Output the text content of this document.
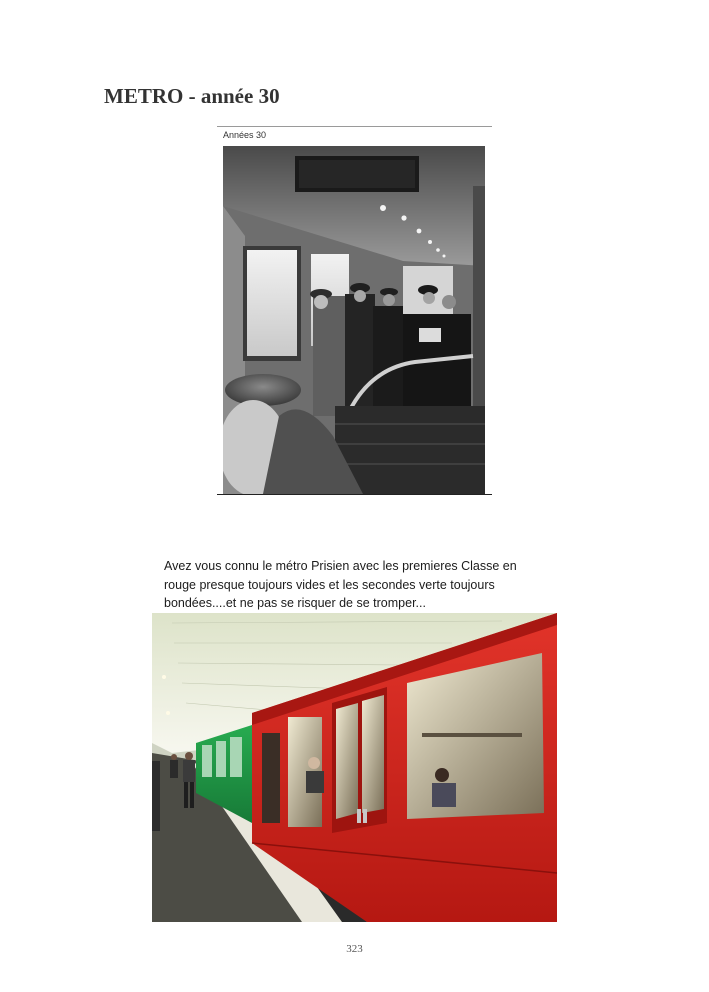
METRO - année 30
Années 30

Avez vous connu le métro Prisien avec les premieres Classe en rouge presque toujours vides et les secondes verte toujours bondées....et ne pas se risquer de se tromper...

323
